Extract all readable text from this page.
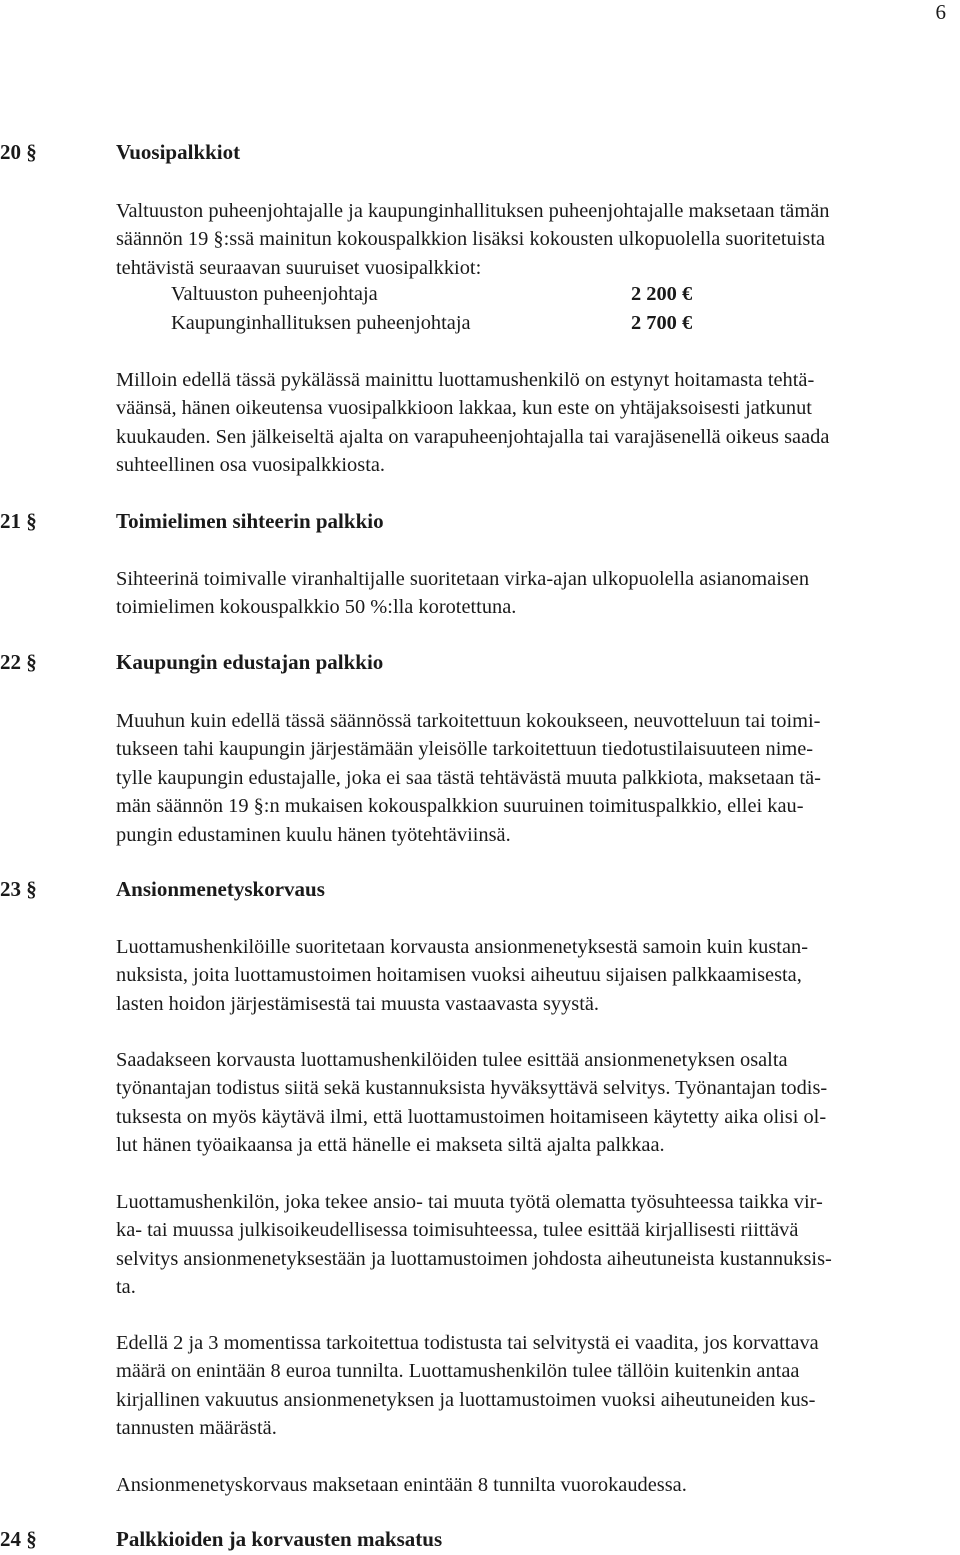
6
20 §	Vuosipalkkiot
Valtuuston puheenjohtajalle ja kaupunginhallituksen puheenjohtajalle maksetaan tämän
säännön 19 §:ssä mainitun kokouspalkkion lisäksi kokousten ulkopuolella suoritetuista
tehtävistä seuraavan suuruiset vuosipalkkiot:
Valtuuston puheenjohtaja	2 200 €
Kaupunginhallituksen puheenjohtaja	2 700 €
Milloin edellä tässä pykälässä mainittu luottamushenkilö on estynyt hoitamasta tehtä-
väänsä, hänen oikeutensa vuosipalkkioon lakkaa, kun este on yhtäjaksoisesti jatkunut
kuukauden. Sen jälkeiseltä ajalta on varapuheenjohtajalla tai varajäsenellä oikeus saada
suhteellinen osa vuosipalkkiosta.
21 §	Toimielimen sihteerin palkkio
Sihteerinä toimivalle viranhaltijalle suoritetaan virka-ajan ulkopuolella asianomaisen
toimielimen kokouspalkkio 50 %:lla korotettuna.
22 §	Kaupungin edustajan palkkio
Muuhun kuin edellä tässä säännössä tarkoitettuun kokoukseen, neuvotteluun tai toimi-
tukseen tahi kaupungin järjestämään yleisölle tarkoitettuun tiedotustilaisuuteen nime-
tylle kaupungin edustajalle, joka ei saa tästä tehtävästä muuta palkkiota, maksetaan tä-
män säännön 19 §:n mukaisen kokouspalkkion suuruinen toimituspalkkio, ellei kau-
pungin edustaminen kuulu hänen työtehtäviinsä.
23 §	Ansionmenetyskorvaus
Luottamushenkilöille suoritetaan korvausta ansionmenetyksestä samoin kuin kustan-
nuksista, joita luottamustoimen hoitamisen vuoksi aiheutuu sijaisen palkkaamisesta,
lasten hoidon järjestämisestä tai muusta vastaavasta syystä.
Saadakseen korvausta luottamushenkilöiden tulee esittää ansionmenetyksen osalta
työnantajan todistus siitä sekä kustannuksista hyväksyttävä selvitys. Työnantajan todis-
tuksesta on myös käytävä ilmi, että luottamustoimen hoitamiseen käytetty aika olisi ol-
lut hänen työaikaansa ja että hänelle ei makseta siltä ajalta palkkaa.
Luottamushenkilön, joka tekee ansio- tai muuta työtä olematta työsuhteessa taikka vir-
ka- tai muussa julkisoikeudellisessa toimisuhteessa, tulee esittää kirjallisesti riittävä
selvitys ansionmenetyksestään ja luottamustoimen johdosta aiheutuneista kustannuksis-
ta.
Edellä 2 ja 3 momentissa tarkoitettua todistusta tai selvitystä ei vaadita, jos korvattava
määrä on enintään 8 euroa tunnilta. Luottamushenkilön tulee tällöin kuitenkin antaa
kirjallinen vakuutus ansionmenetyksen ja luottamustoimen vuoksi aiheutuneiden kus-
tannusten määrästä.
Ansionmenetyskorvaus maksetaan enintään 8 tunnilta vuorokaudessa.
24 §	Palkkioiden ja korvausten maksatus
